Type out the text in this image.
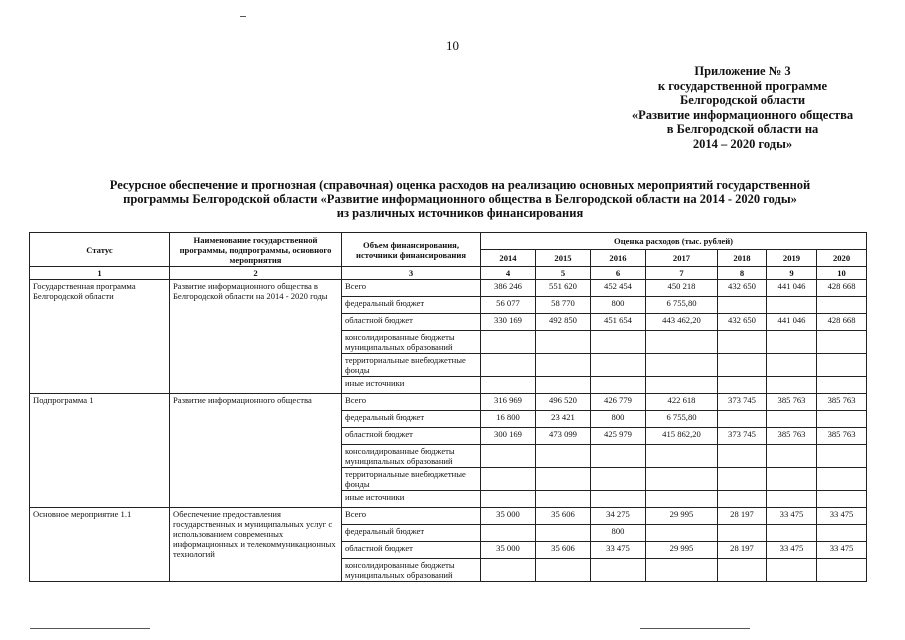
10
Приложение № 3
к государственной программе
Белгородской области
«Развитие информационного общества
в Белгородской области на
2014 – 2020 годы»
Ресурсное обеспечение и прогнозная (справочная) оценка расходов на реализацию основных мероприятий государственной
программы Белгородской области «Развитие информационного общества в Белгородской области на 2014 - 2020 годы»
из различных источников финансирования
Статус	Наименование государственной программы, подпрограммы, основного мероприятия	Объем финансирования, источники финансирования	Оценка расходов (тыс. рублей)						
			2014	2015	2016	2017	2018	2019	2020
1	2	3	4	5	6	7	8	9	10
Государственная программа Белгородской области	Развитие информационного общества в Белгородской области на 2014 - 2020 годы	Всего	386 246	551 620	452 454	450 218	432 650	441 046	428 668
		федеральный бюджет	56 077	58 770	800	6 755,80			
		областной бюджет	330 169	492 850	451 654	443 462,20	432 650	441 046	428 668
		консолидированные бюджеты муниципальных образований							
		территориальные внебюджетные фонды							
		иные источники							
Подпрограмма 1	Развитие информационного общества	Всего	316 969	496 520	426 779	422 618	373 745	385 763	385 763
		федеральный бюджет	16 800	23 421	800	6 755,80			
		областной бюджет	300 169	473 099	425 979	415 862,20	373 745	385 763	385 763
		консолидированные бюджеты муниципальных образований							
		территориальные внебюджетные фонды							
		иные источники							
Основное мероприятие 1.1	Обеспечение предоставления государственных и муниципальных услуг с использованием современных информационных и телекоммуникационных технологий	Всего	35 000	35 606	34 275	29 995	28 197	33 475	33 475
		федеральный бюджет			800				
		областной бюджет	35 000	35 606	33 475	29 995	28 197	33 475	33 475
		консолидированные бюджеты муниципальных образований							
